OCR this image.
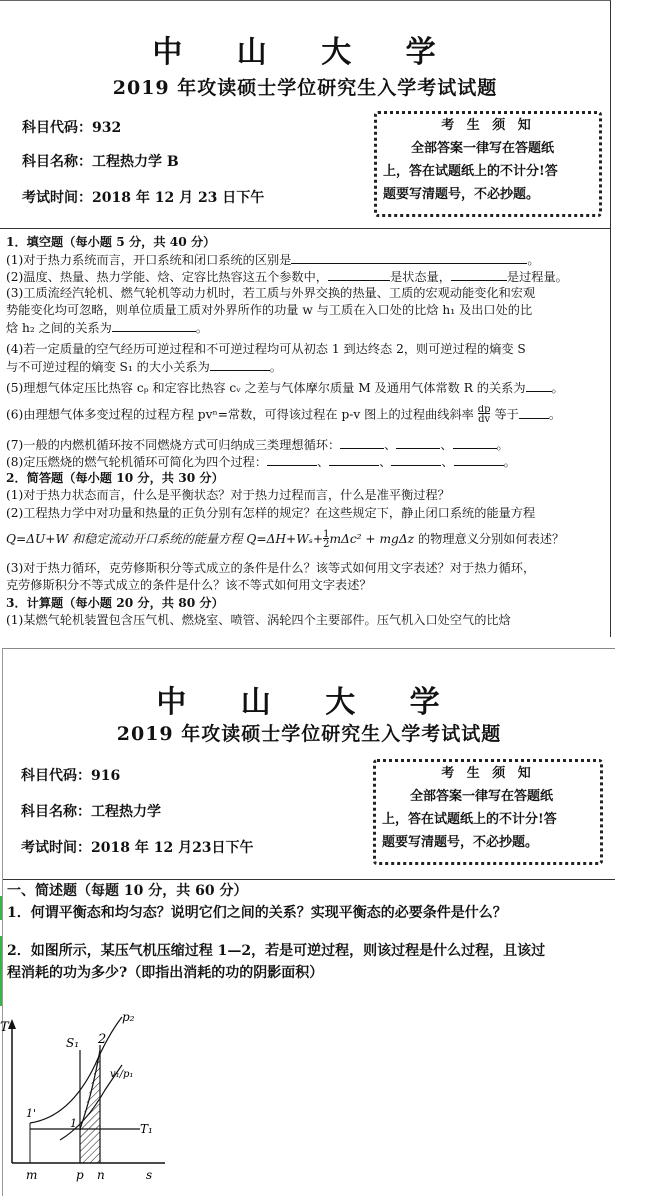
中 山 大 学
2019 年攻读硕士学位研究生入学考试试题
科目代码：932
科目名称：工程热力学 B
考试时间：2018 年 12 月 23 日下午
考 生 须 知
全部答案一律写在答题纸
上，答在试题纸上的不计分!答
题要写清题号，不必抄题。
1．填空题（每小题 5 分，共 40 分）
(1)对于热力系统而言，开口系统和闭口系统的区别是	。
(2)温度、热量、热力学能、焓、定容比热容这五个参数中，	是状态量，	是过程量。
(3)工质流经汽轮机、燃气轮机等动力机时，若工质与外界交换的热量、工质的宏观动能变化和宏观
势能变化均可忽略，则单位质量工质对外界所作的功量 w 与工质在入口处的比焓 h₁ 及出口处的比
焓 h₂ 之间的关系为	。
(4)若一定质量的空气经历可逆过程和不可逆过程均可从初态 1 到达终态 2，则可逆过程的熵变 S
与不可逆过程的熵变 S₁ 的大小关系为	。
(5)理想气体定压比热容 cₚ 和定容比热容 cᵥ 之差与气体摩尔质量 M 及通用气体常数 R 的关系为 。
(6)由理想气体多变过程的过程方程 pvⁿ=常数，可得该过程在 p-v 图上的过程曲线斜率 dp
dv 等于 。
(7)一般的内燃机循环按不同燃烧方式可归纳成三类理想循环：	、	、	。
(8)定压燃烧的燃气轮机循环可简化为四个过程：	、	、	、	。
2．简答题（每小题 10 分，共 30 分）
(1)对于热力状态而言，什么是平衡状态？对于热力过程而言，什么是准平衡过程？
(2)工程热力学中对功量和热量的正负分别有怎样的规定？在这些规定下，静止闭口系统的能量方程
Q=ΔU+W 和稳定流动开口系统的能量方程 Q=ΔH+Wₛ+1
2mΔc² + mgΔz 的物理意义分别如何表述？
(3)对于热力循环，克劳修斯积分等式成立的条件是什么？该等式如何用文字表述？对于热力循环，
克劳修斯积分不等式成立的条件是什么？该不等式如何用文字表述？
3．计算题（每小题 20 分，共 80 分）
(1)某燃气轮机装置包含压气机、燃烧室、喷管、涡轮四个主要部件。压气机入口处空气的比焓
中 山 大 学
2019 年攻读硕士学位研究生入学考试试题
科目代码：916
科目名称：工程热力学
考试时间：2018 年 12 月23日下午
考 生 须 知
全部答案一律写在答题纸
上，答在试题纸上的不计分!答
题要写清题号，不必抄题。
一、简述题（每题 10 分，共 60 分）
1．何谓平衡态和均匀态？说明它们之间的关系？实现平衡态的必要条件是什么？
2．如图所示，某压气机压缩过程 1—2，若是可逆过程，则该过程是什么过程，且该过
程消耗的功为多少?（即指出消耗的功的阴影面积）
T
p₂
S₁ 2
v₁/p₁
1'
1	T₁
m	p n	s
